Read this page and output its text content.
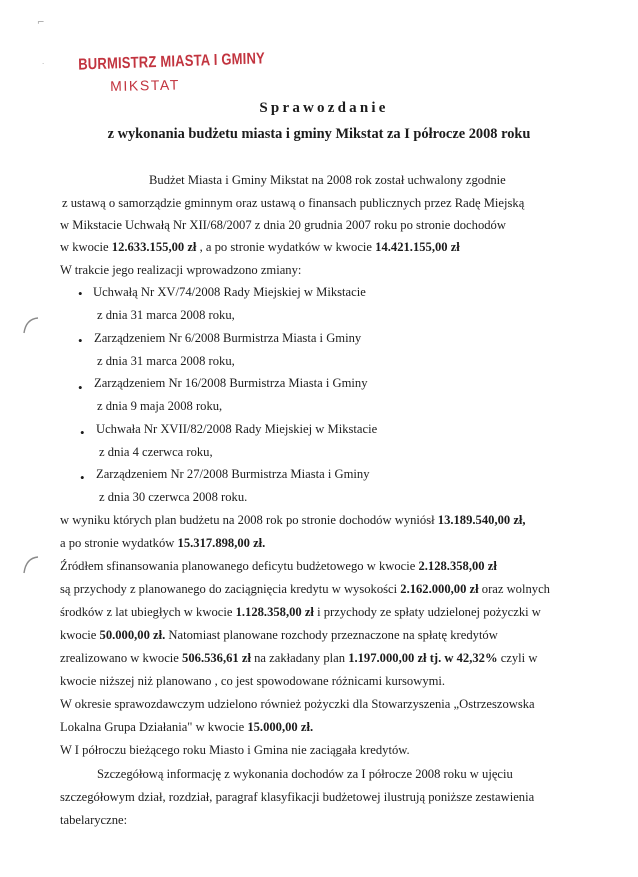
⌐
·	BURMISTRZ MIASTA I GMINY
MIKSTAT
Sprawozdanie
z wykonania budżetu miasta i gminy Mikstat za I półrocze 2008 roku
Budżet Miasta i Gminy Mikstat na 2008 rok został uchwalony zgodnie
z ustawą o samorządzie gminnym oraz ustawą o finansach publicznych przez Radę Miejską
w Mikstacie Uchwałą Nr XII/68/2007 z dnia 20 grudnia 2007 roku po stronie dochodów
w kwocie 12.633.155,00 zł , a po stronie wydatków w kwocie 14.421.155,00 zł
W trakcie jego realizacji wprowadzono zmiany:
• Uchwałą Nr XV/74/2008 Rady Miejskiej w Mikstacie
z dnia 31 marca 2008 roku,
• Zarządzeniem Nr 6/2008 Burmistrza Miasta i Gminy
z dnia 31 marca 2008 roku,
• Zarządzeniem Nr 16/2008 Burmistrza Miasta i Gminy
z dnia 9 maja 2008 roku,
• Uchwała Nr XVII/82/2008 Rady Miejskiej w Mikstacie
z dnia 4 czerwca roku,
• Zarządzeniem Nr 27/2008 Burmistrza Miasta i Gminy
z dnia 30 czerwca 2008 roku.
w wyniku których plan budżetu na 2008 rok po stronie dochodów wyniósł 13.189.540,00 zł,
a po stronie wydatków 15.317.898,00 zł.
Źródłem sfinansowania planowanego deficytu budżetowego w kwocie 2.128.358,00 zł
są przychody z planowanego do zaciągnięcia kredytu w wysokości 2.162.000,00 zł oraz wolnych
środków z lat ubiegłych w kwocie 1.128.358,00 zł i przychody ze spłaty udzielonej pożyczki w
kwocie 50.000,00 zł. Natomiast planowane rozchody przeznaczone na spłatę kredytów
zrealizowano w kwocie 506.536,61 zł na zakładany plan 1.197.000,00 zł tj. w 42,32% czyli w
kwocie niższej niż planowano , co jest spowodowane różnicami kursowymi.
W okresie sprawozdawczym udzielono również pożyczki dla Stowarzyszenia „Ostrzeszowska
Lokalna Grupa Działania" w kwocie 15.000,00 zł.
W I półroczu bieżącego roku Miasto i Gmina nie zaciągała kredytów.
Szczegółową informację z wykonania dochodów za I półrocze 2008 roku w ujęciu
szczegółowym dział, rozdział, paragraf klasyfikacji budżetowej ilustrują poniższe zestawienia
tabelaryczne:
